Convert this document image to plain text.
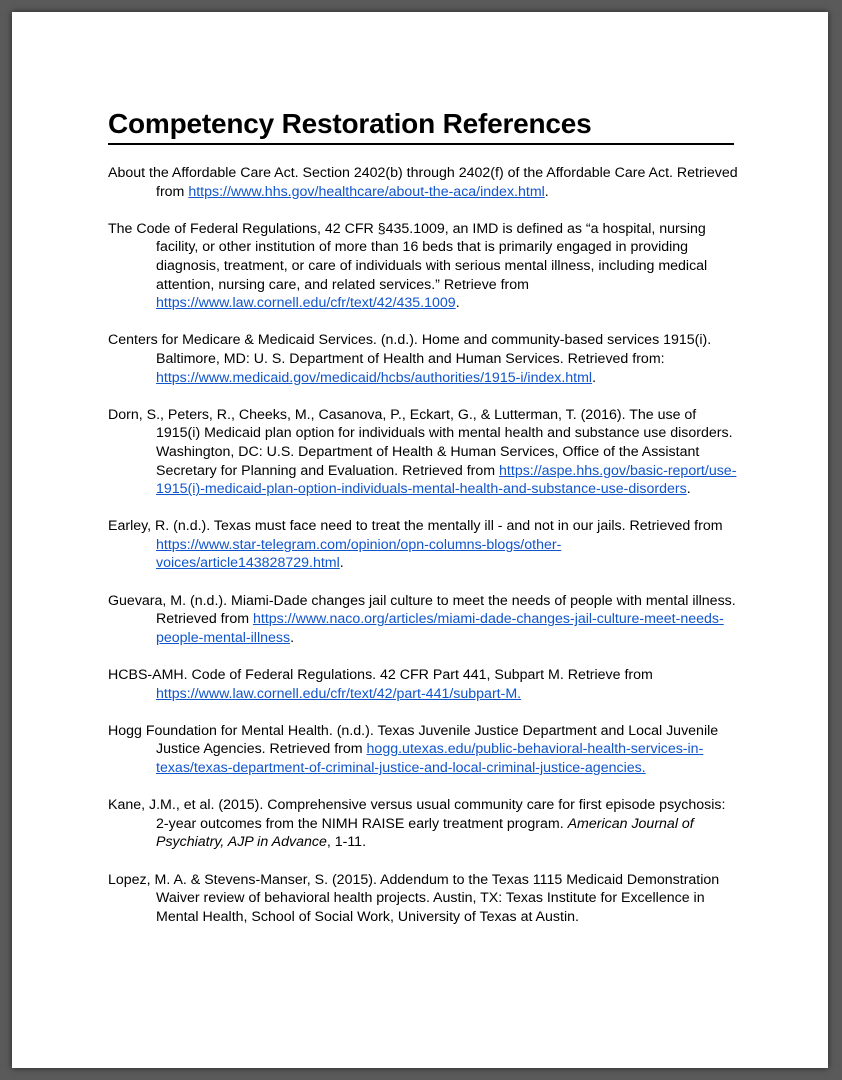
Competency Restoration References

About the Affordable Care Act. Section 2402(b) through 2402(f) of the Affordable Care Act. Retrieved from https://www.hhs.gov/healthcare/about-the-aca/index.html.

The Code of Federal Regulations, 42 CFR §435.1009, an IMD is defined as “a hospital, nursing facility, or other institution of more than 16 beds that is primarily engaged in providing diagnosis, treatment, or care of individuals with serious mental illness, including medical attention, nursing care, and related services.” Retrieve from https://www.law.cornell.edu/cfr/text/42/435.1009.

Centers for Medicare & Medicaid Services. (n.d.). Home and community-based services 1915(i). Baltimore, MD: U. S. Department of Health and Human Services. Retrieved from: https://www.medicaid.gov/medicaid/hcbs/authorities/1915-i/index.html.

Dorn, S., Peters, R., Cheeks, M., Casanova, P., Eckart, G., & Lutterman, T. (2016). The use of 1915(i) Medicaid plan option for individuals with mental health and substance use disorders. Washington, DC: U.S. Department of Health & Human Services, Office of the Assistant Secretary for Planning and Evaluation. Retrieved from https://aspe.hhs.gov/basic-report/use-1915(i)-medicaid-plan-option-individuals-mental-health-and-substance-use-disorders.

Earley, R. (n.d.). Texas must face need to treat the mentally ill - and not in our jails. Retrieved from https://www.star-telegram.com/opinion/opn-columns-blogs/other-voices/article143828729.html.

Guevara, M. (n.d.). Miami-Dade changes jail culture to meet the needs of people with mental illness. Retrieved from https://www.naco.org/articles/miami-dade-changes-jail-culture-meet-needs-people-mental-illness.

HCBS-AMH. Code of Federal Regulations. 42 CFR Part 441, Subpart M. Retrieve from https://www.law.cornell.edu/cfr/text/42/part-441/subpart-M.

Hogg Foundation for Mental Health. (n.d.). Texas Juvenile Justice Department and Local Juvenile Justice Agencies. Retrieved from hogg.utexas.edu/public-behavioral-health-services-in-texas/texas-department-of-criminal-justice-and-local-criminal-justice-agencies.

Kane, J.M., et al. (2015). Comprehensive versus usual community care for first episode psychosis: 2-year outcomes from the NIMH RAISE early treatment program. American Journal of Psychiatry, AJP in Advance, 1-11.

Lopez, M. A. & Stevens-Manser, S. (2015). Addendum to the Texas 1115 Medicaid Demonstration Waiver review of behavioral health projects. Austin, TX: Texas Institute for Excellence in Mental Health, School of Social Work, University of Texas at Austin.
